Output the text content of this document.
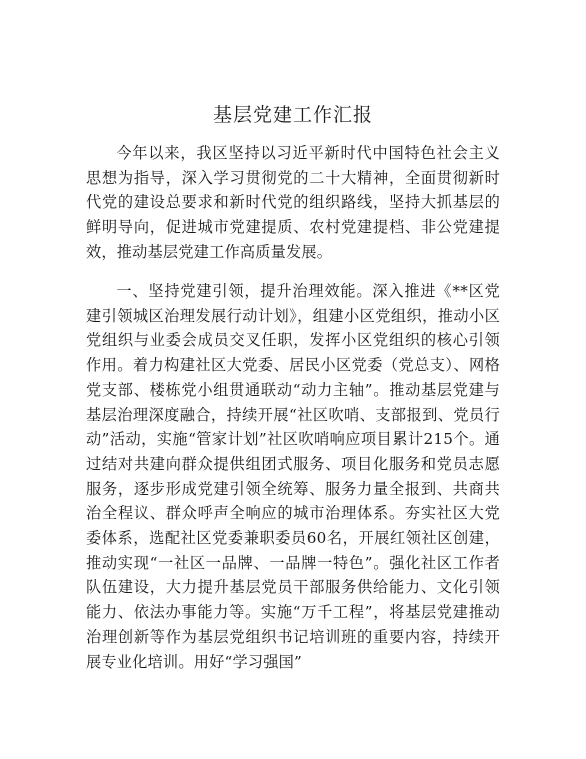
基层党建工作汇报

今年以来，我区坚持以习近平新时代中国特色社会主义思想为指导，深入学习贯彻党的二十大精神，全面贯彻新时代党的建设总要求和新时代党的组织路线，坚持大抓基层的鲜明导向，促进城市党建提质、农村党建提档、非公党建提效，推动基层党建工作高质量发展。

一、坚持党建引领，提升治理效能。深入推进《**区党建引领城区治理发展行动计划》，组建小区党组织，推动小区党组织与业委会成员交叉任职，发挥小区党组织的核心引领作用。着力构建社区大党委、居民小区党委（党总支）、网格党支部、楼栋党小组贯通联动“动力主轴”。推动基层党建与基层治理深度融合，持续开展“社区吹哨、支部报到、党员行动”活动，实施“管家计划”社区吹哨响应项目累计215个。通过结对共建向群众提供组团式服务、项目化服务和党员志愿服务，逐步形成党建引领全统筹、服务力量全报到、共商共治全程议、群众呼声全响应的城市治理体系。夯实社区大党委体系，选配社区党委兼职委员60名，开展红领社区创建，推动实现“一社区一品牌、一品牌一特色”。强化社区工作者队伍建设，大力提升基层党员干部服务供给能力、文化引领能力、依法办事能力等。实施“万千工程”，将基层党建推动治理创新等作为基层党组织书记培训班的重要内容，持续开展专业化培训。用好“学习强国”
